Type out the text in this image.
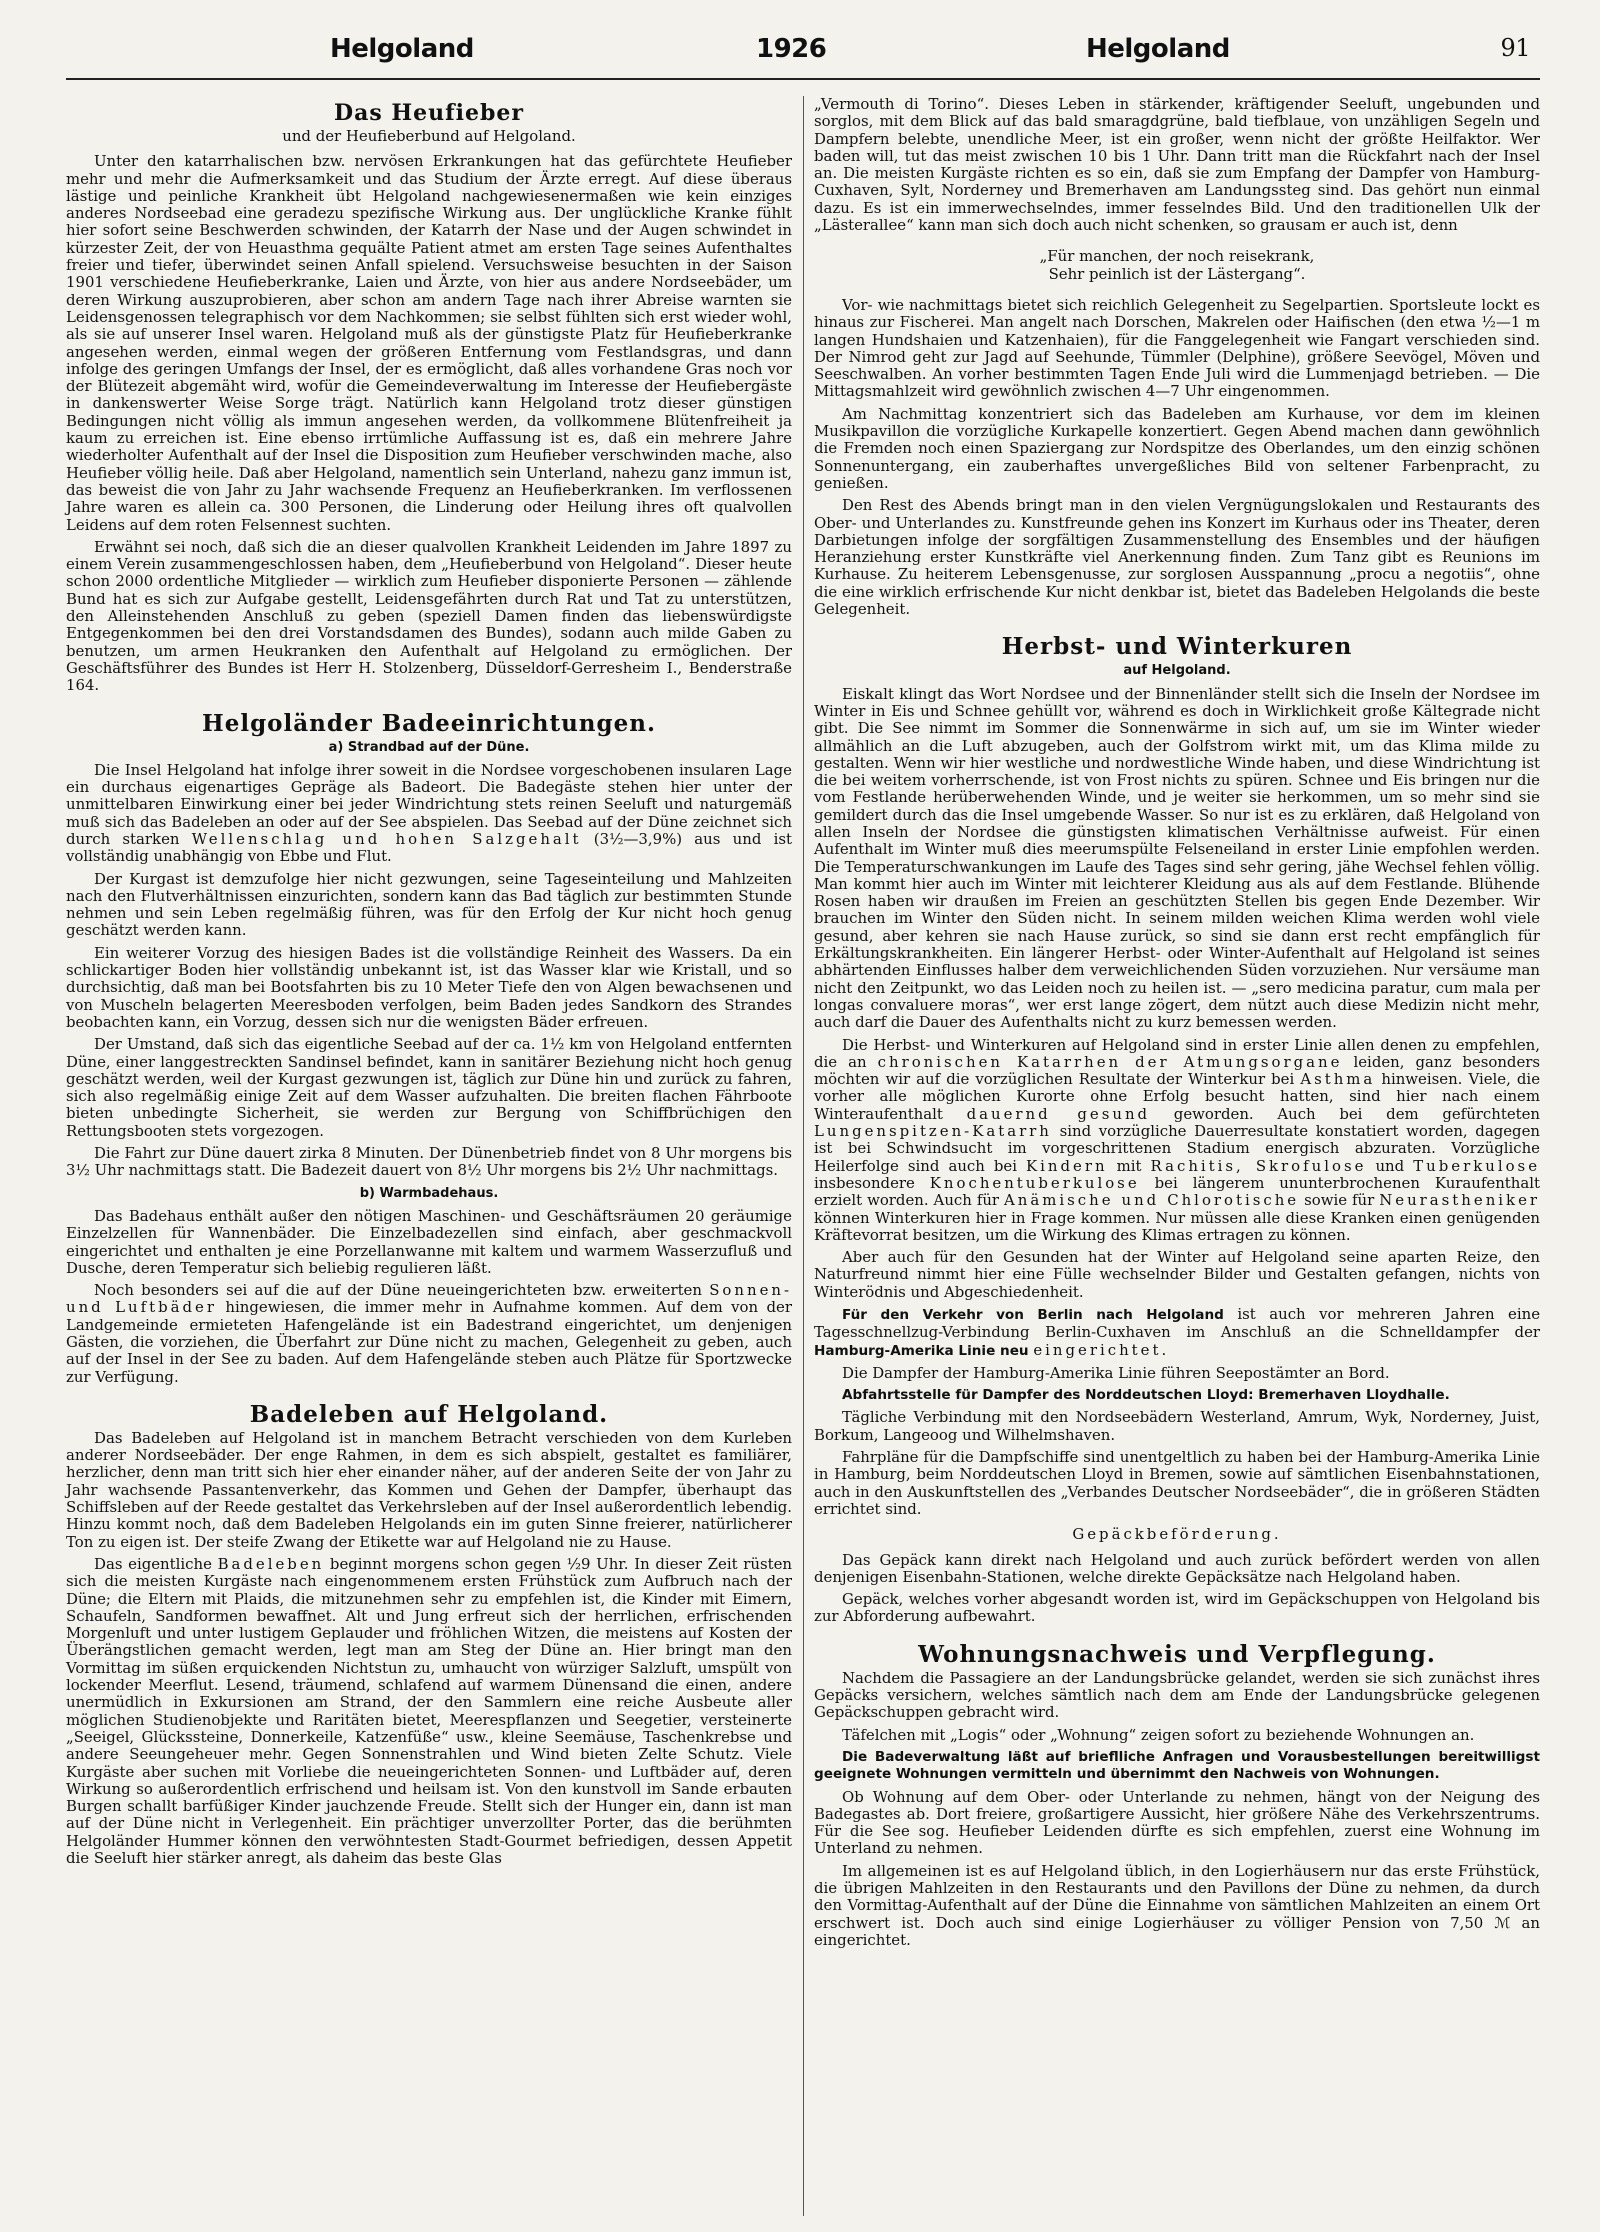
Helgoland	1926	Helgoland	91
Das Heufieber
und der Heufieberbund auf Helgoland.

Unter den katarrhalischen bzw. nervösen Erkrankungen hat das gefürchtete Heufieber mehr und mehr die Aufmerksamkeit und das Studium der Ärzte erregt. Auf diese überaus lästige und peinliche Krankheit übt Helgoland nachgewiesenermaßen wie kein einziges anderes Nordseebad eine geradezu spezifische Wirkung aus. Der unglückliche Kranke fühlt hier sofort seine Beschwerden schwinden, der Katarrh der Nase und der Augen schwindet in kürzester Zeit, der von Heuasthma gequälte Patient atmet am ersten Tage seines Aufenthaltes freier und tiefer, überwindet seinen Anfall spielend. Versuchsweise besuchten in der Saison 1901 verschiedene Heufieberkranke, Laien und Ärzte, von hier aus andere Nordseebäder, um deren Wirkung auszuprobieren, aber schon am andern Tage nach ihrer Abreise warnten sie Leidensgenossen telegraphisch vor dem Nachkommen; sie selbst fühlten sich erst wieder wohl, als sie auf unserer Insel waren. Helgoland muß als der günstigste Platz für Heufieberkranke angesehen werden, einmal wegen der größeren Entfernung vom Festlandsgras, und dann infolge des geringen Umfangs der Insel, der es ermöglicht, daß alles vorhandene Gras noch vor der Blütezeit abgemäht wird, wofür die Gemeindeverwaltung im Interesse der Heufiebergäste in dankenswerter Weise Sorge trägt. Natürlich kann Helgoland trotz dieser günstigen Bedingungen nicht völlig als immun angesehen werden, da vollkommene Blütenfreiheit ja kaum zu erreichen ist. Eine ebenso irrtümliche Auffassung ist es, daß ein mehrere Jahre wiederholter Aufenthalt auf der Insel die Disposition zum Heufieber verschwinden mache, also Heufieber völlig heile. Daß aber Helgoland, namentlich sein Unterland, nahezu ganz immun ist, das beweist die von Jahr zu Jahr wachsende Frequenz an Heufieberkranken. Im verflossenen Jahre waren es allein ca. 300 Personen, die Linderung oder Heilung ihres oft qualvollen Leidens auf dem roten Felsennest suchten.

Erwähnt sei noch, daß sich die an dieser qualvollen Krankheit Leidenden im Jahre 1897 zu einem Verein zusammengeschlossen haben, dem „Heufieberbund von Helgoland“. Dieser heute schon 2000 ordentliche Mitglieder — wirklich zum Heufieber disponierte Personen — zählende Bund hat es sich zur Aufgabe gestellt, Leidensgefährten durch Rat und Tat zu unterstützen, den Alleinstehenden Anschluß zu geben (speziell Damen finden das liebenswürdigste Entgegenkommen bei den drei Vorstandsdamen des Bundes), sodann auch milde Gaben zu benutzen, um armen Heukranken den Aufenthalt auf Helgoland zu ermöglichen. Der Geschäftsführer des Bundes ist Herr H. Stolzenberg, Düsseldorf-Gerresheim I., Benderstraße 164.

Helgoländer Badeeinrichtungen.
a) Strandbad auf der Düne.

Die Insel Helgoland hat infolge ihrer soweit in die Nordsee vorgeschobenen insularen Lage ein durchaus eigenartiges Gepräge als Badeort. Die Badegäste stehen hier unter der unmittelbaren Einwirkung einer bei jeder Windrichtung stets reinen Seeluft und naturgemäß muß sich das Badeleben an oder auf der See abspielen. Das Seebad auf der Düne zeichnet sich durch starken Wellenschlag und hohen Salzgehalt (3½—3,9%) aus und ist vollständig unabhängig von Ebbe und Flut.

Der Kurgast ist demzufolge hier nicht gezwungen, seine Tageseinteilung und Mahlzeiten nach den Flutverhältnissen einzurichten, sondern kann das Bad täglich zur bestimmten Stunde nehmen und sein Leben regelmäßig führen, was für den Erfolg der Kur nicht hoch genug geschätzt werden kann.

Ein weiterer Vorzug des hiesigen Bades ist die vollständige Reinheit des Wassers. Da ein schlickartiger Boden hier vollständig unbekannt ist, ist das Wasser klar wie Kristall, und so durchsichtig, daß man bei Bootsfahrten bis zu 10 Meter Tiefe den von Algen bewachsenen und von Muscheln belagerten Meeresboden verfolgen, beim Baden jedes Sandkorn des Strandes beobachten kann, ein Vorzug, dessen sich nur die wenigsten Bäder erfreuen.

Der Umstand, daß sich das eigentliche Seebad auf der ca. 1½ km von Helgoland entfernten Düne, einer langgestreckten Sandinsel befindet, kann in sanitärer Beziehung nicht hoch genug geschätzt werden, weil der Kurgast gezwungen ist, täglich zur Düne hin und zurück zu fahren, sich also regelmäßig einige Zeit auf dem Wasser aufzuhalten. Die breiten flachen Fährboote bieten unbedingte Sicherheit, sie werden zur Bergung von Schiffbrüchigen den Rettungsbooten stets vorgezogen.

Die Fahrt zur Düne dauert zirka 8 Minuten. Der Dünenbetrieb findet von 8 Uhr morgens bis 3½ Uhr nachmittags statt. Die Badezeit dauert von 8½ Uhr morgens bis 2½ Uhr nachmittags.

b) Warmbadehaus.

Das Badehaus enthält außer den nötigen Maschinen- und Geschäftsräumen 20 geräumige Einzelzellen für Wannenbäder. Die Einzelbadezellen sind einfach, aber geschmackvoll eingerichtet und enthalten je eine Porzellanwanne mit kaltem und warmem Wasserzufluß und Dusche, deren Temperatur sich beliebig regulieren läßt.

Noch besonders sei auf die auf der Düne neueingerichteten bzw. erweiterten Sonnen- und Luftbäder hingewiesen, die immer mehr in Aufnahme kommen. Auf dem von der Landgemeinde ermieteten Hafengelände ist ein Badestrand eingerichtet, um denjenigen Gästen, die vorziehen, die Überfahrt zur Düne nicht zu machen, Gelegenheit zu geben, auch auf der Insel in der See zu baden. Auf dem Hafengelände steben auch Plätze für Sportzwecke zur Verfügung.

Badeleben auf Helgoland.

Das Badeleben auf Helgoland ist in manchem Betracht verschieden von dem Kurleben anderer Nordseebäder. Der enge Rahmen, in dem es sich abspielt, gestaltet es familiärer, herzlicher, denn man tritt sich hier eher einander näher, auf der anderen Seite der von Jahr zu Jahr wachsende Passantenverkehr, das Kommen und Gehen der Dampfer, überhaupt das Schiffsleben auf der Reede gestaltet das Verkehrsleben auf der Insel außerordentlich lebendig. Hinzu kommt noch, daß dem Badeleben Helgolands ein im guten Sinne freierer, natürlicherer Ton zu eigen ist. Der steife Zwang der Etikette war auf Helgoland nie zu Hause.

Das eigentliche Badeleben beginnt morgens schon gegen ½9 Uhr. In dieser Zeit rüsten sich die meisten Kurgäste nach eingenommenem ersten Frühstück zum Aufbruch nach der Düne; die Eltern mit Plaids, die mitzunehmen sehr zu empfehlen ist, die Kinder mit Eimern, Schaufeln, Sandformen bewaffnet. Alt und Jung erfreut sich der herrlichen, erfrischenden Morgenluft und unter lustigem Geplauder und fröhlichen Witzen, die meistens auf Kosten der Überängstlichen gemacht werden, legt man am Steg der Düne an. Hier bringt man den Vormittag im süßen erquickenden Nichtstun zu, umhaucht von würziger Salzluft, umspült von lockender Meerflut. Lesend, träumend, schlafend auf warmem Dünensand die einen, andere unermüdlich in Exkursionen am Strand, der den Sammlern eine reiche Ausbeute aller möglichen Studienobjekte und Raritäten bietet, Meerespflanzen und Seegetier, versteinerte „Seeigel, Glückssteine, Donnerkeile, Katzenfüße“ usw., kleine Seemäuse, Taschenkrebse und andere Seeungeheuer mehr. Gegen Sonnenstrahlen und Wind bieten Zelte Schutz. Viele Kurgäste aber suchen mit Vorliebe die neueingerichteten Sonnen- und Luftbäder auf, deren Wirkung so außerordentlich erfrischend und heilsam ist. Von den kunstvoll im Sande erbauten Burgen schallt barfüßiger Kinder jauchzende Freude. Stellt sich der Hunger ein, dann ist man auf der Düne nicht in Verlegenheit. Ein prächtiger unverzollter Porter, das die berühmten Helgoländer Hummer können den verwöhntesten Stadt-Gourmet befriedigen, dessen Appetit die Seeluft hier stärker anregt, als daheim das beste Glas

„Vermouth di Torino“. Dieses Leben in stärkender, kräftigender Seeluft, ungebunden und sorglos, mit dem Blick auf das bald smaragdgrüne, bald tiefblaue, von unzähligen Segeln und Dampfern belebte, unendliche Meer, ist ein großer, wenn nicht der größte Heilfaktor. Wer baden will, tut das meist zwischen 10 bis 1 Uhr. Dann tritt man die Rückfahrt nach der Insel an. Die meisten Kurgäste richten es so ein, daß sie zum Empfang der Dampfer von Hamburg-Cuxhaven, Sylt, Norderney und Bremerhaven am Landungssteg sind. Das gehört nun einmal dazu. Es ist ein immerwechselndes, immer fesselndes Bild. Und den traditionellen Ulk der „Lästerallee“ kann man sich doch auch nicht schenken, so grausam er auch ist, denn

„Für manchen, der noch reisekrank,
Sehr peinlich ist der Lästergang“.

Vor- wie nachmittags bietet sich reichlich Gelegenheit zu Segelpartien. Sportsleute lockt es hinaus zur Fischerei. Man angelt nach Dorschen, Makrelen oder Haifischen (den etwa ½—1 m langen Hundshaien und Katzenhaien), für die Fanggelegenheit wie Fangart verschieden sind. Der Nimrod geht zur Jagd auf Seehunde, Tümmler (Delphine), größere Seevögel, Möven und Seeschwalben. An vorher bestimmten Tagen Ende Juli wird die Lummenjagd betrieben. — Die Mittagsmahlzeit wird gewöhnlich zwischen 4—7 Uhr eingenommen.

Am Nachmittag konzentriert sich das Badeleben am Kurhause, vor dem im kleinen Musikpavillon die vorzügliche Kurkapelle konzertiert. Gegen Abend machen dann gewöhnlich die Fremden noch einen Spaziergang zur Nordspitze des Oberlandes, um den einzig schönen Sonnenuntergang, ein zauberhaftes unvergeßliches Bild von seltener Farbenpracht, zu genießen.

Den Rest des Abends bringt man in den vielen Vergnügungslokalen und Restaurants des Ober- und Unterlandes zu. Kunstfreunde gehen ins Konzert im Kurhaus oder ins Theater, deren Darbietungen infolge der sorgfältigen Zusammenstellung des Ensembles und der häufigen Heranziehung erster Kunstkräfte viel Anerkennung finden. Zum Tanz gibt es Reunions im Kurhause. Zu heiterem Lebensgenusse, zur sorglosen Ausspannung „procu a negotiis“, ohne die eine wirklich erfrischende Kur nicht denkbar ist, bietet das Badeleben Helgolands die beste Gelegenheit.

Herbst- und Winterkuren
auf Helgoland.

Eiskalt klingt das Wort Nordsee und der Binnenländer stellt sich die Inseln der Nordsee im Winter in Eis und Schnee gehüllt vor, während es doch in Wirklichkeit große Kältegrade nicht gibt. Die See nimmt im Sommer die Sonnenwärme in sich auf, um sie im Winter wieder allmählich an die Luft abzugeben, auch der Golfstrom wirkt mit, um das Klima milde zu gestalten. Wenn wir hier westliche und nordwestliche Winde haben, und diese Windrichtung ist die bei weitem vorherrschende, ist von Frost nichts zu spüren. Schnee und Eis bringen nur die vom Festlande herüberwehenden Winde, und je weiter sie herkommen, um so mehr sind sie gemildert durch das die Insel umgebende Wasser. So nur ist es zu erklären, daß Helgoland von allen Inseln der Nordsee die günstigsten klimatischen Verhältnisse aufweist. Für einen Aufenthalt im Winter muß dies meerumspülte Felseneiland in erster Linie empfohlen werden. Die Temperaturschwankungen im Laufe des Tages sind sehr gering, jähe Wechsel fehlen völlig. Man kommt hier auch im Winter mit leichterer Kleidung aus als auf dem Festlande. Blühende Rosen haben wir draußen im Freien an geschützten Stellen bis gegen Ende Dezember. Wir brauchen im Winter den Süden nicht. In seinem milden weichen Klima werden wohl viele gesund, aber kehren sie nach Hause zurück, so sind sie dann erst recht empfänglich für Erkältungskrankheiten. Ein längerer Herbst- oder Winter-Aufenthalt auf Helgoland ist seines abhärtenden Einflusses halber dem verweichlichenden Süden vorzuziehen. Nur versäume man nicht den Zeitpunkt, wo das Leiden noch zu heilen ist. — „sero medicina paratur, cum mala per longas convaluere moras“, wer erst lange zögert, dem nützt auch diese Medizin nicht mehr, auch darf die Dauer des Aufenthalts nicht zu kurz bemessen werden.

Die Herbst- und Winterkuren auf Helgoland sind in erster Linie allen denen zu empfehlen, die an chronischen Katarrhen der Atmungsorgane leiden, ganz besonders möchten wir auf die vorzüglichen Resultate der Winterkur bei Asthma hinweisen. Viele, die vorher alle möglichen Kurorte ohne Erfolg besucht hatten, sind hier nach einem Winteraufenthalt dauernd gesund geworden. Auch bei dem gefürchteten Lungenspitzen-Katarrh sind vorzügliche Dauerresultate konstatiert worden, dagegen ist bei Schwindsucht im vorgeschrittenen Stadium energisch abzuraten. Vorzügliche Heilerfolge sind auch bei Kindern mit Rachitis, Skrofulose und Tuberkulose insbesondere Knochentuberkulose bei längerem ununterbrochenen Kuraufenthalt erzielt worden. Auch für Anämische und Chlorotische sowie für Neurastheniker können Winterkuren hier in Frage kommen. Nur müssen alle diese Kranken einen genügenden Kräftevorrat besitzen, um die Wirkung des Klimas ertragen zu können.

Aber auch für den Gesunden hat der Winter auf Helgoland seine aparten Reize, den Naturfreund nimmt hier eine Fülle wechselnder Bilder und Gestalten gefangen, nichts von Winterödnis und Abgeschiedenheit.

Für den Verkehr von Berlin nach Helgoland ist auch vor mehreren Jahren eine Tagesschnellzug-Verbindung Berlin-Cuxhaven im Anschluß an die Schnelldampfer der Hamburg-Amerika Linie neu eingerichtet.

Die Dampfer der Hamburg-Amerika Linie führen Seepostämter an Bord.

Abfahrtsstelle für Dampfer des Norddeutschen Lloyd: Bremerhaven Lloydhalle.

Tägliche Verbindung mit den Nordseebädern Westerland, Amrum, Wyk, Norderney, Juist, Borkum, Langeoog und Wilhelmshaven.

Fahrpläne für die Dampfschiffe sind unentgeltlich zu haben bei der Hamburg-Amerika Linie in Hamburg, beim Norddeutschen Lloyd in Bremen, sowie auf sämtlichen Eisenbahnstationen, auch in den Auskunftstellen des „Verbandes Deutscher Nordseebäder“, die in größeren Städten errichtet sind.

Gepäckbeförderung.

Das Gepäck kann direkt nach Helgoland und auch zurück befördert werden von allen denjenigen Eisenbahn-Stationen, welche direkte Gepäcksätze nach Helgoland haben.

Gepäck, welches vorher abgesandt worden ist, wird im Gepäckschuppen von Helgoland bis zur Abforderung aufbewahrt.

Wohnungsnachweis und Verpflegung.

Nachdem die Passagiere an der Landungsbrücke gelandet, werden sie sich zunächst ihres Gepäcks versichern, welches sämtlich nach dem am Ende der Landungsbrücke gelegenen Gepäckschuppen gebracht wird.

Täfelchen mit „Logis“ oder „Wohnung“ zeigen sofort zu beziehende Wohnungen an.

Die Badeverwaltung läßt auf brieflliche Anfragen und Vorausbestellungen bereitwilligst geeignete Wohnungen vermitteln und übernimmt den Nachweis von Wohnungen.

Ob Wohnung auf dem Ober- oder Unterlande zu nehmen, hängt von der Neigung des Badegastes ab. Dort freiere, großartigere Aussicht, hier größere Nähe des Verkehrszentrums. Für die See sog. Heufieber Leidenden dürfte es sich empfehlen, zuerst eine Wohnung im Unterland zu nehmen.

Im allgemeinen ist es auf Helgoland üblich, in den Logierhäusern nur das erste Frühstück, die übrigen Mahlzeiten in den Restaurants und den Pavillons der Düne zu nehmen, da durch den Vormittag-Aufenthalt auf der Düne die Einnahme von sämtlichen Mahlzeiten an einem Ort erschwert ist. Doch auch sind einige Logierhäuser zu völliger Pension von 7,50 ℳ an eingerichtet.
